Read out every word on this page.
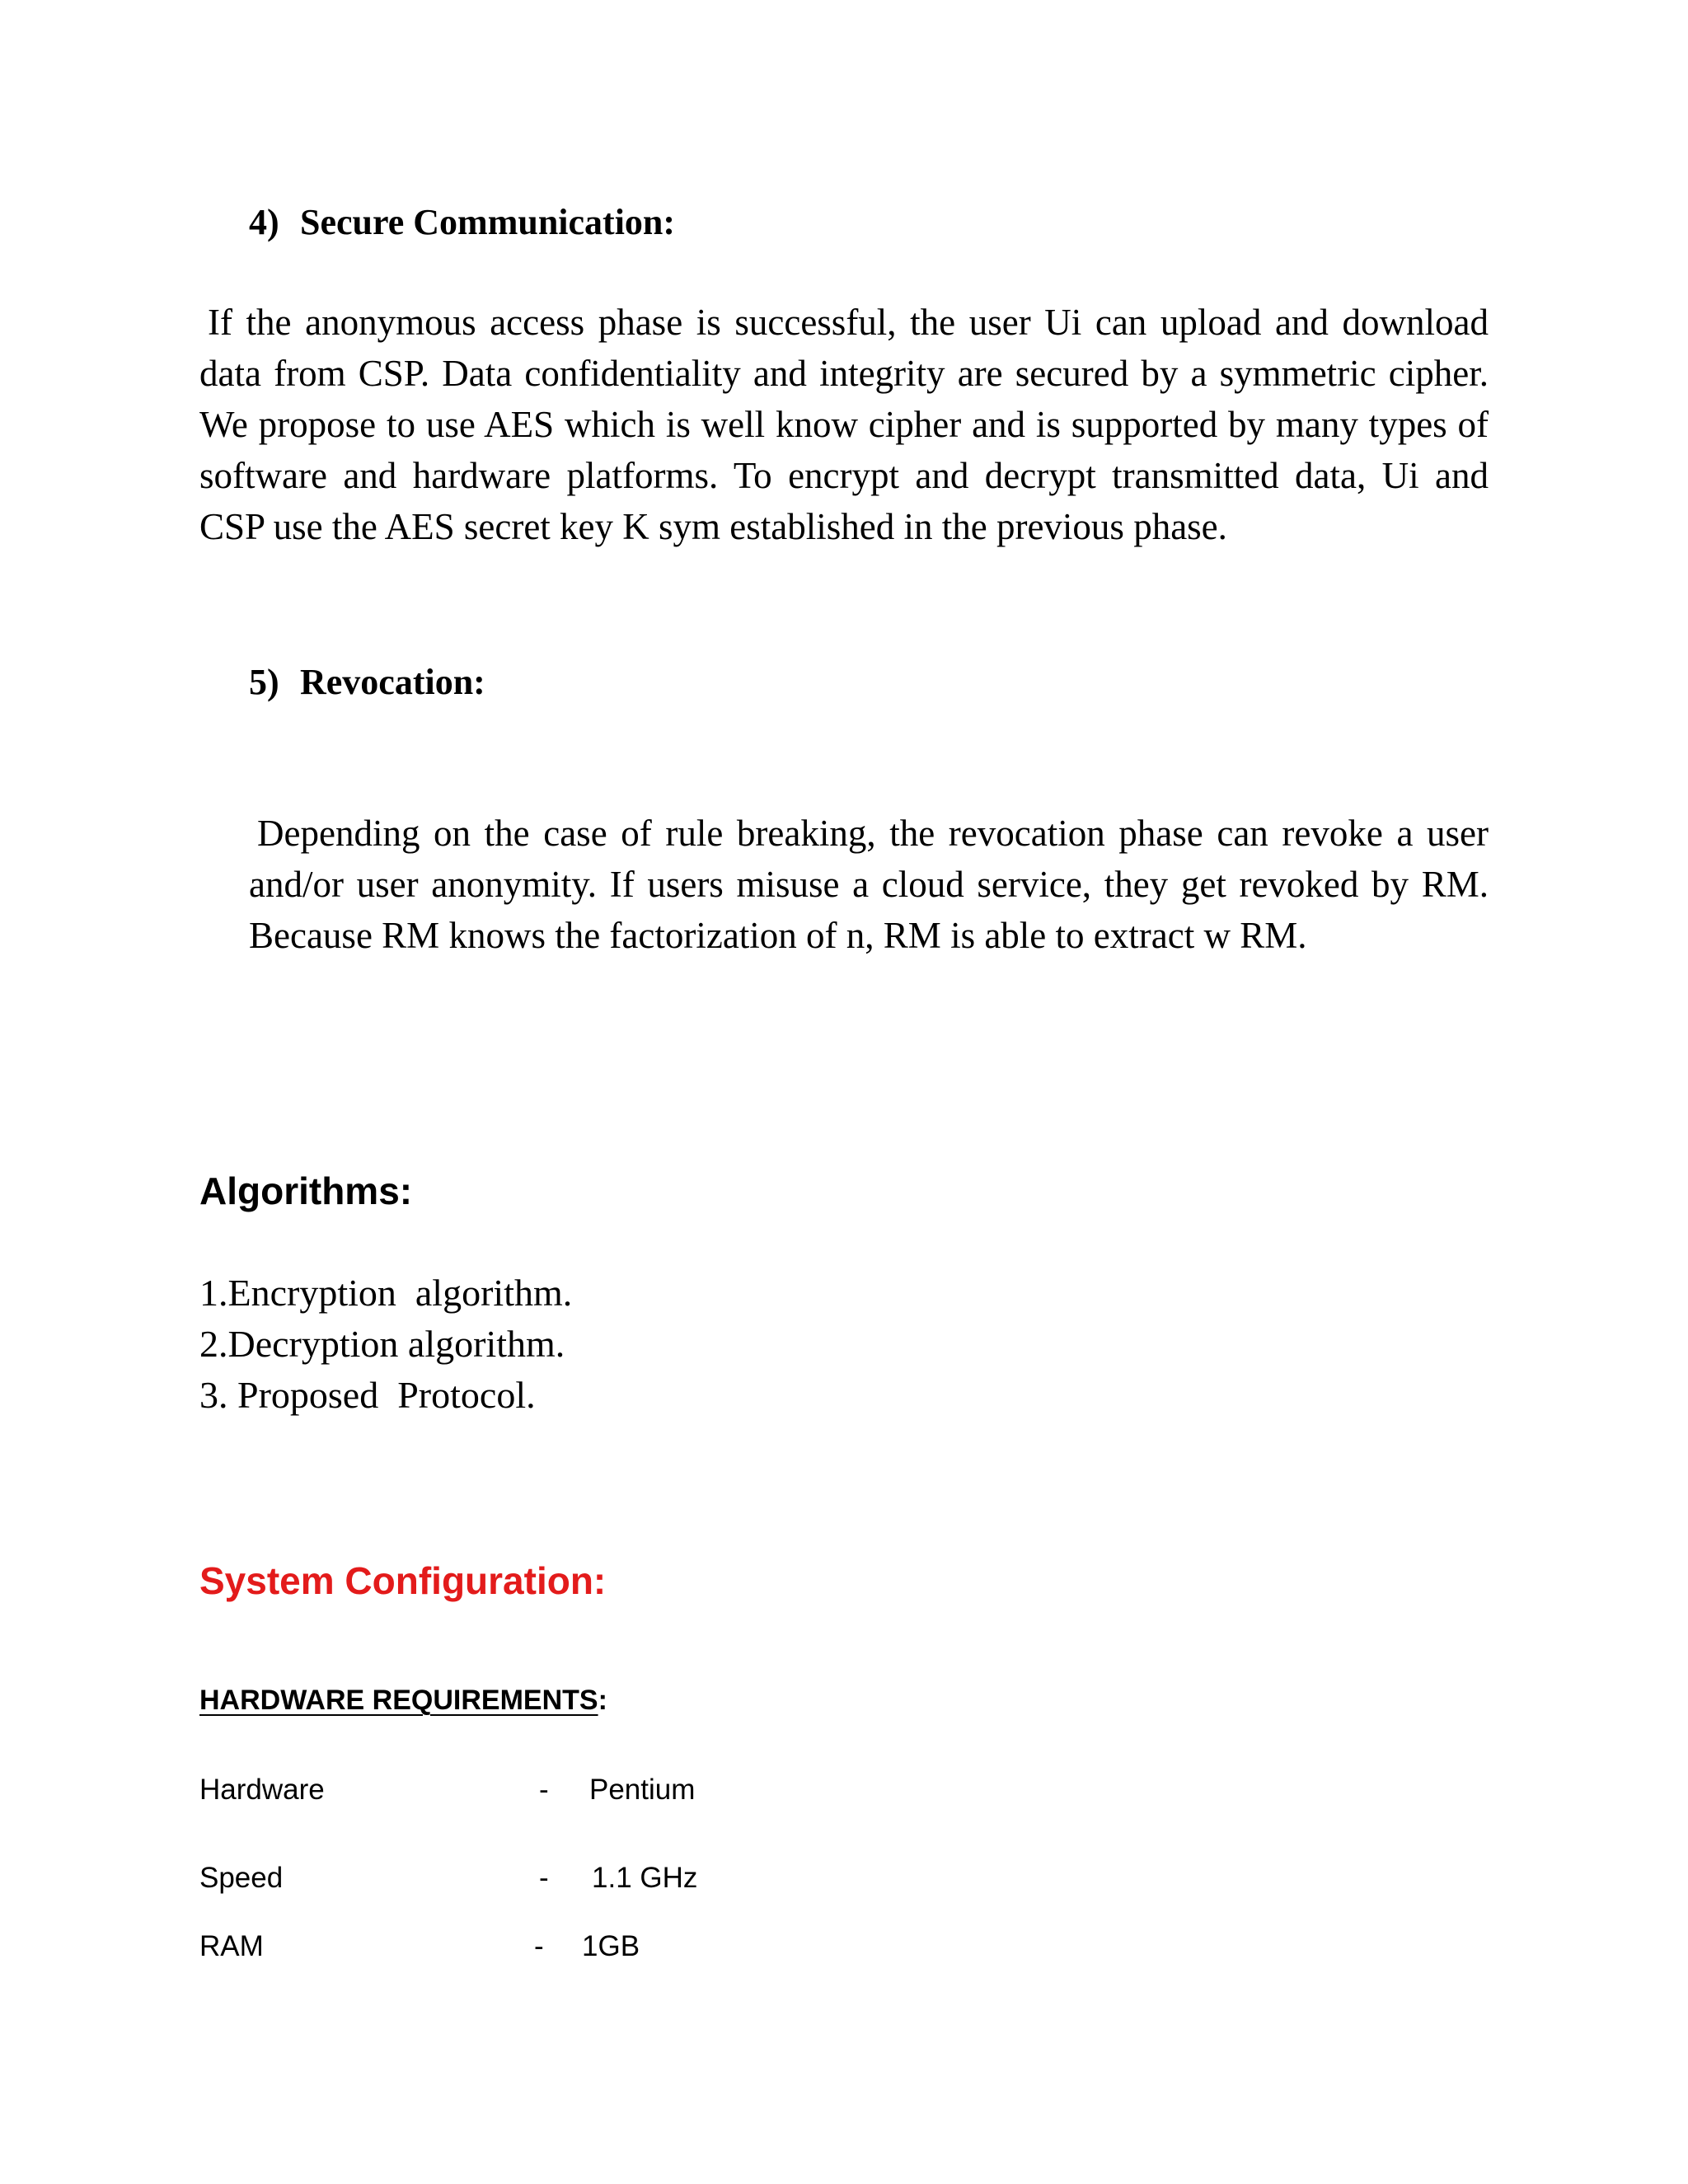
4) Secure Communication:

If the anonymous access phase is successful, the user Ui can upload and download data from CSP. Data confidentiality and integrity are secured by a symmetric cipher. We propose to use AES which is well know cipher and is supported by many types of software and hardware platforms. To encrypt and decrypt transmitted data, Ui and CSP use the AES secret key K sym established in the previous phase.

5) Revocation:

Depending on the case of rule breaking, the revocation phase can revoke a user and/or user anonymity. If users misuse a cloud service, they get revoked by RM. Because RM knows the factorization of n, RM is able to extract w RM.

Algorithms:
1.Encryption  algorithm.
2.Decryption algorithm.
3. Proposed  Protocol.
System Configuration:
HARDWARE REQUIREMENTS:
Hardware	- Pentium
Speed	- 1.1 GHz
RAM	- 1GB
